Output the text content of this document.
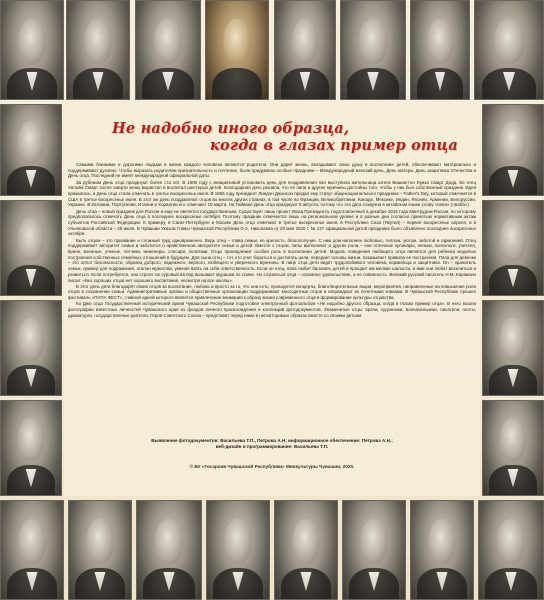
Не надобно иного образца,
когда в глазах пример отца

Самыми близкими и дорогими людьми в жизни каждого человека являются родители. Они дарят жизнь, вкладывают свою душу в воспитание детей, обеспечивают материально и поддерживают духовно. Чтобы выразить родителям признательность и почтение, были придуманы особые праздники – Международный женский день, День матери, День защитника Отечества и День отца. Последний не имеет международной официальной даты.

За рубежом День отца празднуют более ста лет. В 1909 году с инициативой установить день для поздравления пап выступила жительница штата Вашингтон Луиза Смарт Додд. Ее отец Уильям Смарт после смерти жены вырастил и воспитал шестерых детей. Благодарная дочь решила, что ее папа и другие мужчины достойны того, чтобы у них был собственный праздник. Идея прижилась, и День отца стали отмечать в третье воскресенье июня. В 1966 году президент Линдон Джонсон придал ему статус общенационального праздника – Father's Day, который отмечается в США в третье воскресенье июня. В этот же день поздравляют отцов во многих других странах, в том числе во Франции, Великобритании, Канаде, Мексике, Индии, Японии, Армении, Белоруссии, Украине. В Испании, Португалии, Италии и Хорватии его отмечают 19 марта. На Тайване День отца празднуют 8 августа, потому что эта дата созвучна в китайском языке слову «папа» («Баба»).

День отца – новый праздник для России и еще не является государственным. Существует лишь проект Указа Президента, подготовленный в декабре 2015 года Минтрудом России, по которому предполагалось отмечать День отца в последнее воскресенье октября. Поэтому праздник отмечается лишь на региональном уровне и в разные дни согласно принятым нормативным актам субъектов Российской Федерации. К примеру, в Санкт-Петербурге и Москве День отца отмечают в третье воскресенье июня, в Республике Саха (Якутия) – первое воскресенье апреля, а в Ульяновской области – 26 июля. В Чувашии Указом Главы Чувашской Республики О.А. Николаева от 20 мая 2020 г. № 137 официальной датой праздника было объявлено последнее воскресенье октября.

Быть отцом – это призвание и сложный труд одновременно. Ведь отец – глава семьи, ее крепость, благополучие. С ним дом наполнен любовью, теплом, уютом, заботой и гармонией. Отец поддерживает авторитет семьи и заботится о нравственном авторитете семьи и детей. Вместе с отцом, папы выполняют и другие роли – они отличные кулинары, няньки, психологи, учителя, врачи, военные, ученые, летчики, инженеры, слесари, политики. Отцы принадлежит особая роль в воспитании детей. Модель поведения любящего отца является для ребенка моделью построения собственных семейных отношений в будущем. Для сына отец – тот, кто учит бороться и достигать цели, передает основы жизни, показывает правила ее построения. Папа для девочки – это оплот безопасности, образец доброго, надежного, верного, любящего и уверенного мужчины. В лице отца дети видят трудолюбивого человека, кормильца и защитника. Он – хранитель семьи, пример для подражания, эталон мужества, умения взять на себя ответственность. Если он отец, папа любит баловать детей и прощает им мелкие шалости, и ими они любят веселиться и резвиться. Если потребуется, они строги: их суровый взгляд вызывает мурашки по спине. Но слушаться отца – огромное удовольствие, а не повинность. Великий русский писатель Н.М. Карамзин писал: «Без хороших отцов нет хорошего воспитания, несмотря на все школы».

В этот день дети благодарят своих отцов за воспитание, любовь и просто за то, что они есть; проводятся концерты, благотворительные акции, мероприятия, направленные на повышение роли отцов в сохранении семьи. Административные органы и общественные организации поддерживают многодетные отцов и награждают их почетными знаками. В Чувашской Республике прошел фестиваль «ПАПА ФЕСТ», главной идеей которого является привлечение внимания к образу жизни современного отца и формирование культуры отцовства.

Ко Дню отца Государственный исторический архив Чувашской Республики подготовил электронный фотоальбом «Не надобно другого образца, когда в глазах пример отца». В него вошли фотографии известных личностей Чувашского края из фондов личного происхождения и коллекций фотодокументов. Знаменитые отцы: врачи, художники, военачальники, писатели, поэты, драматурги, государственные деятели, Герои Советского Союза – представят перед нами в неповторимых образах вместе со своими детьми.

Выявление фотодокументов: Васильева Т.П., Петрова А.Н; информационное обеспечение: Петрова А.Н.;
веб-дизайн и программирование: Васильева Т.П.
© БУ «Госархив Чувашской Республики» Минкультуры Чувашии, 2020.
